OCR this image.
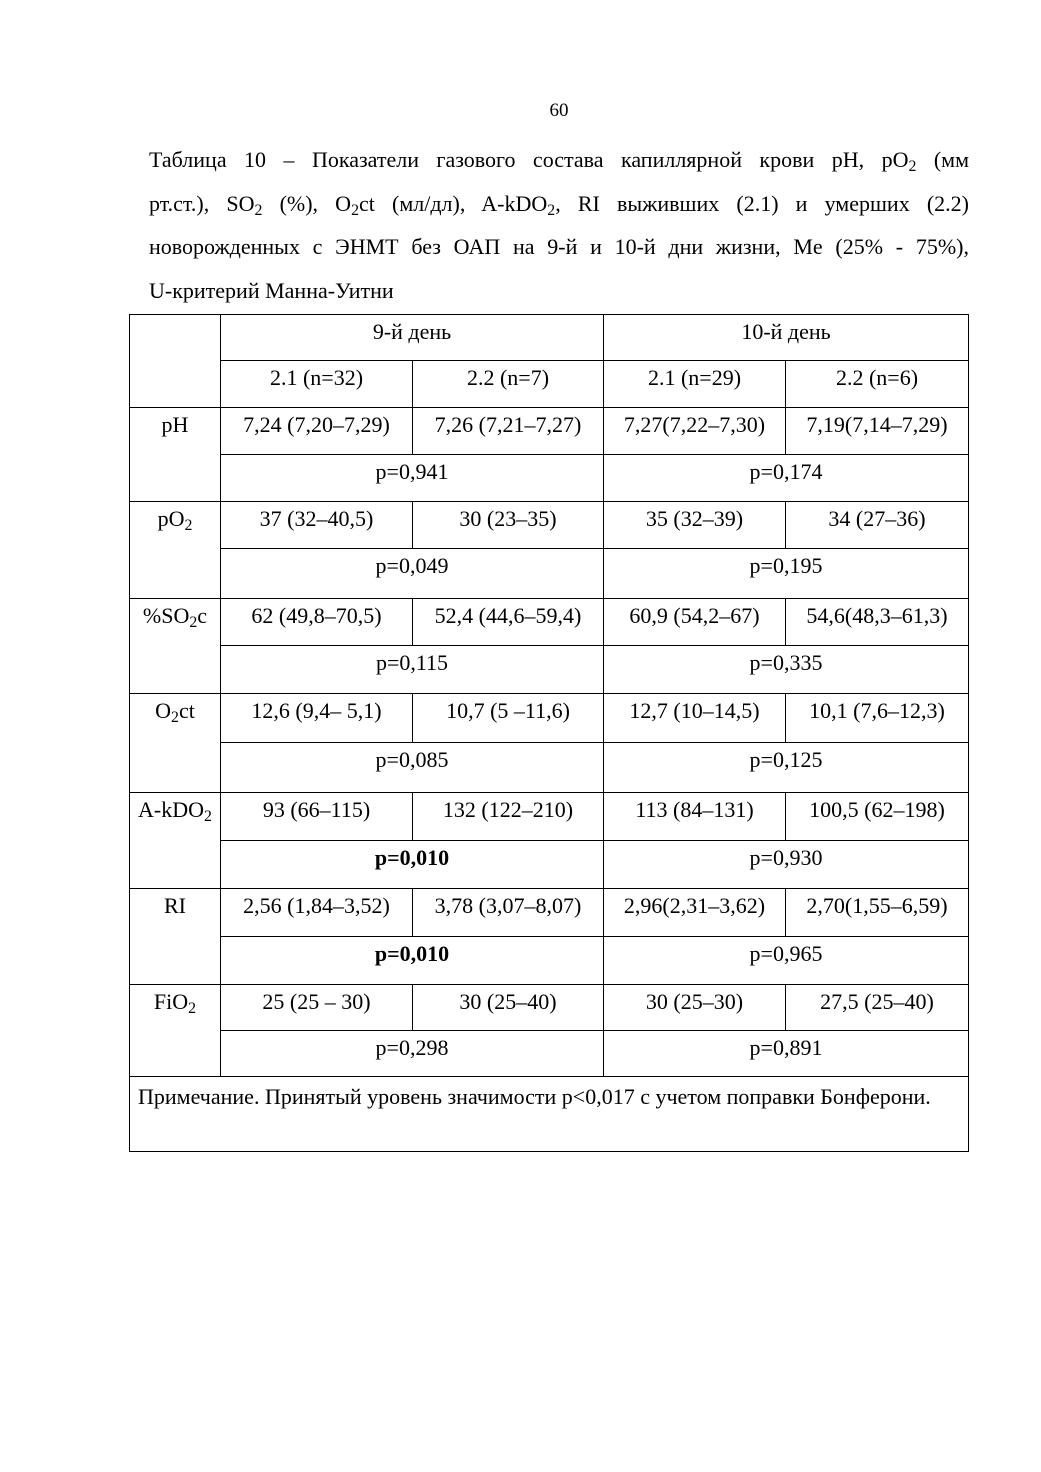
60
Таблица 10 – Показатели газового состава капиллярной крови pH, $pO_2$ (мм
рт.ст.), $SO_2$ (%), $O_2ct$ (мл/дл), A-kDO$_2$, RI выживших (2.1) и умерших (2.2)
новорожденных с ЭНМТ без ОАП на 9-й и 10-й дни жизни, Me (25% - 75%),
U-критерий Манна-Уитни
	9-й день		10-й день	
	2.1 (n=32)	2.2 (n=7)	2.1 (n=29)	2.2 (n=6)
pH	7,24 (7,20–7,29)	7,26 (7,21–7,27)	7,27(7,22–7,30)	7,19(7,14–7,29)
	p=0,941		p=0,174	
$pO_2$	37 (32–40,5)	30 (23–35)	35 (32–39)	34 (27–36)
	p=0,049		p=0,195	
$\%SO_2c$	62 (49,8–70,5)	52,4 (44,6–59,4)	60,9 (54,2–67)	54,6(48,3–61,3)
	p=0,115		p=0,335	
$O_2ct$	12,6 (9,4– 5,1)	10,7 (5 –11,6)	12,7 (10–14,5)	10,1 (7,6–12,3)
	p=0,085		p=0,125	
A-kDO$_2$	93 (66–115)	132 (122–210)	113 (84–131)	100,5 (62–198)
	p=0,010		p=0,930	
RI	2,56 (1,84–3,52)	3,78 (3,07–8,07)	2,96(2,31–3,62)	2,70(1,55–6,59)
	p=0,010		p=0,965	
FiO$_2$	25 (25 – 30)	30 (25–40)	30 (25–30)	27,5 (25–40)
	p=0,298		p=0,891	
Примечание. Принятый уровень значимости p<0,017 с учетом поправки Бонферони.				
